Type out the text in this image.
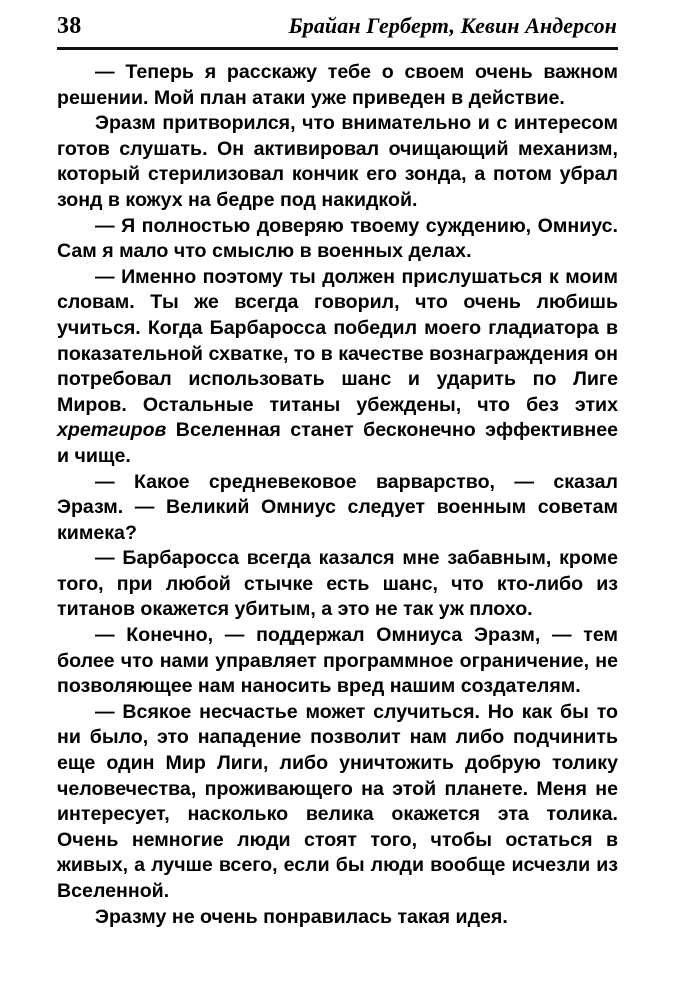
38	Брайан Герберт, Кевин Андерсон

— Теперь я расскажу тебе о своем очень важном решении. Мой план атаки уже приведен в действие.

Эразм притворился, что внимательно и с интересом готов слушать. Он активировал очищающий механизм, который стерилизовал кончик его зонда, а потом убрал зонд в кожух на бедре под накидкой.

— Я полностью доверяю твоему суждению, Омниус. Сам я мало что смыслю в военных делах.

— Именно поэтому ты должен прислушаться к моим словам. Ты же всегда говорил, что очень любишь учиться. Когда Барбаросса победил моего гладиатора в показательной схватке, то в качестве вознаграждения он потребовал использовать шанс и ударить по Лиге Миров. Остальные титаны убеждены, что без этих хретгиров Вселенная станет бесконечно эффективнее и чище.

— Какое средневековое варварство, — сказал Эразм. — Великий Омниус следует военным советам кимека?

— Барбаросса всегда казался мне забавным, кроме того, при любой стычке есть шанс, что кто-либо из титанов окажется убитым, а это не так уж плохо.

— Конечно, — поддержал Омниуса Эразм, — тем более что нами управляет программное ограничение, не позволяющее нам наносить вред нашим создателям.

— Всякое несчастье может случиться. Но как бы то ни было, это нападение позволит нам либо подчинить еще один Мир Лиги, либо уничтожить добрую толику человечества, проживающего на этой планете. Меня не интересует, насколько велика окажется эта толика. Очень немногие люди стоят того, чтобы остаться в живых, а лучше всего, если бы люди вообще исчезли из Вселенной.

Эразму не очень понравилась такая идея.
